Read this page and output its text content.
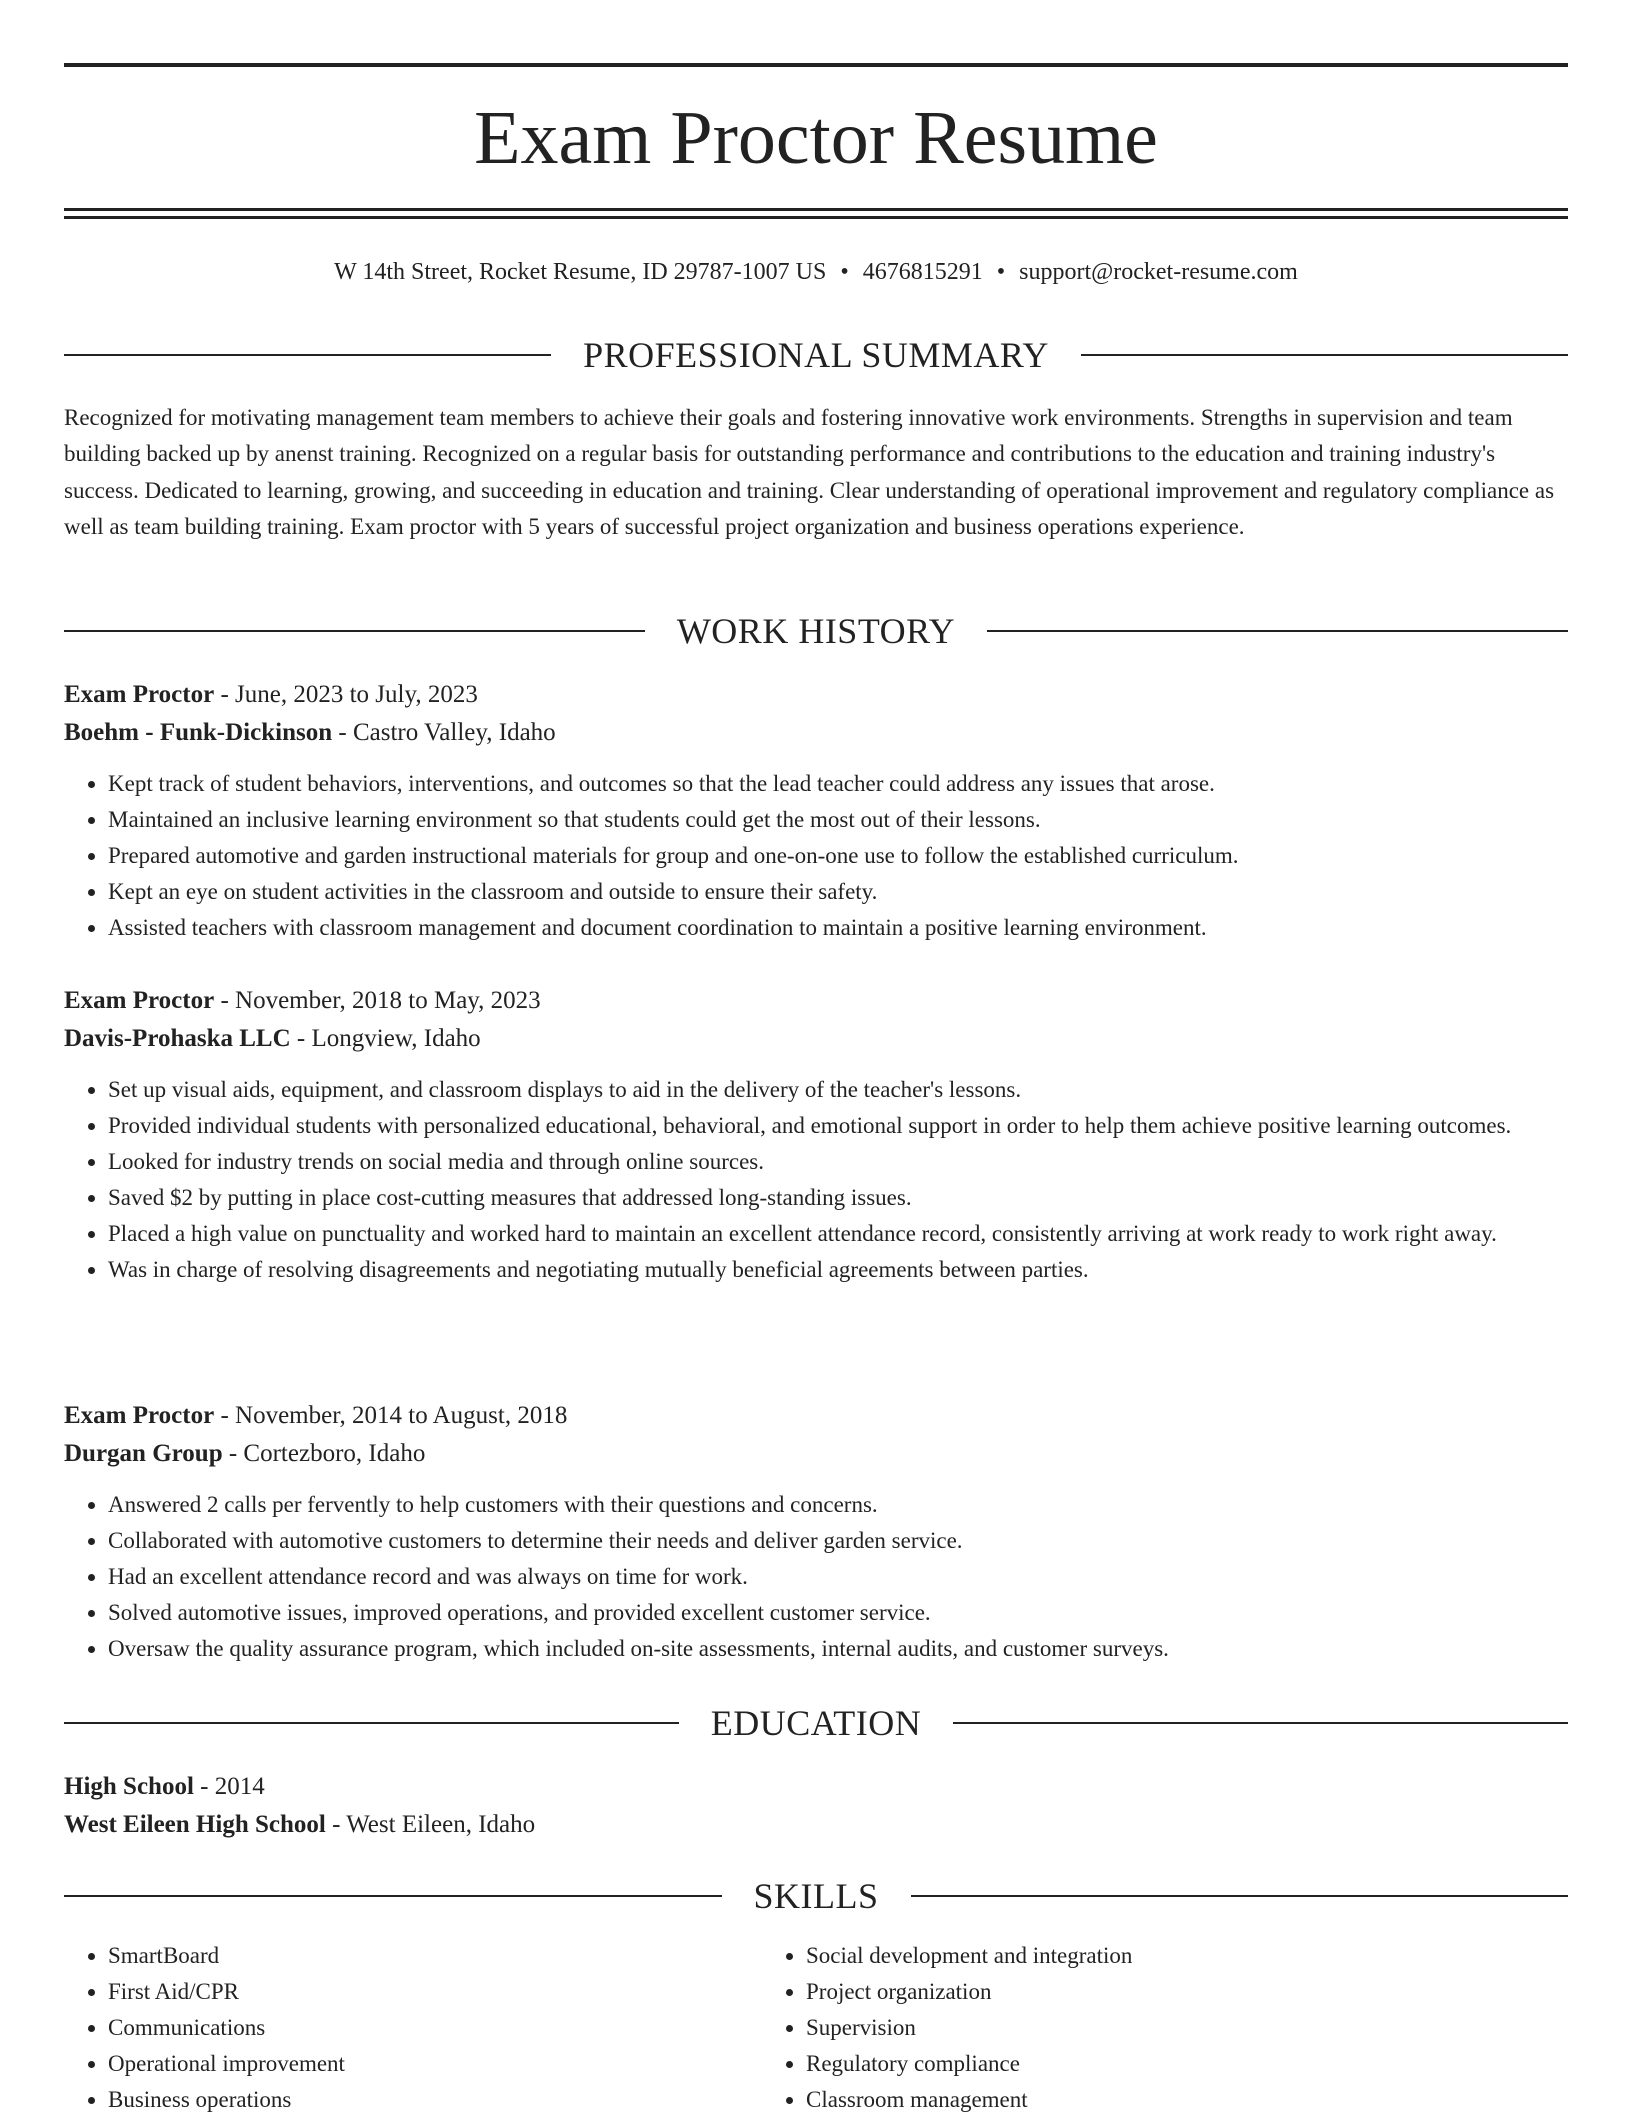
Exam Proctor Resume
W 14th Street, Rocket Resume, ID 29787-1007 US • 4676815291 • support@rocket-resume.com
PROFESSIONAL SUMMARY

Recognized for motivating management team members to achieve their goals and fostering innovative work environments. Strengths in supervision and team building backed up by anenst training. Recognized on a regular basis for outstanding performance and contributions to the education and training industry's success. Dedicated to learning, growing, and succeeding in education and training. Clear understanding of operational improvement and regulatory compliance as well as team building training. Exam proctor with 5 years of successful project organization and business operations experience.

WORK HISTORY
Exam Proctor - June, 2023 to July, 2023
Boehm - Funk-Dickinson - Castro Valley, Idaho
• Kept track of student behaviors, interventions, and outcomes so that the lead teacher could address any issues that arose.
• Maintained an inclusive learning environment so that students could get the most out of their lessons.
• Prepared automotive and garden instructional materials for group and one-on-one use to follow the established curriculum.
• Kept an eye on student activities in the classroom and outside to ensure their safety.
• Assisted teachers with classroom management and document coordination to maintain a positive learning environment.
Exam Proctor - November, 2018 to May, 2023
Davis-Prohaska LLC - Longview, Idaho
• Set up visual aids, equipment, and classroom displays to aid in the delivery of the teacher's lessons.
• Provided individual students with personalized educational, behavioral, and emotional support in order to help them achieve positive learning outcomes.
• Looked for industry trends on social media and through online sources.
• Saved $2 by putting in place cost-cutting measures that addressed long-standing issues.
• Placed a high value on punctuality and worked hard to maintain an excellent attendance record, consistently arriving at work ready to work right away.
• Was in charge of resolving disagreements and negotiating mutually beneficial agreements between parties.
Exam Proctor - November, 2014 to August, 2018
Durgan Group - Cortezboro, Idaho
• Answered 2 calls per fervently to help customers with their questions and concerns.
• Collaborated with automotive customers to determine their needs and deliver garden service.
• Had an excellent attendance record and was always on time for work.
• Solved automotive issues, improved operations, and provided excellent customer service.
• Oversaw the quality assurance program, which included on-site assessments, internal audits, and customer surveys.
EDUCATION
High School - 2014
West Eileen High School - West Eileen, Idaho
SKILLS
• SmartBoard
• First Aid/CPR
• Communications
• Operational improvement
• Business operations
• Social development and integration
• Project organization
• Supervision
• Regulatory compliance
• Classroom management
